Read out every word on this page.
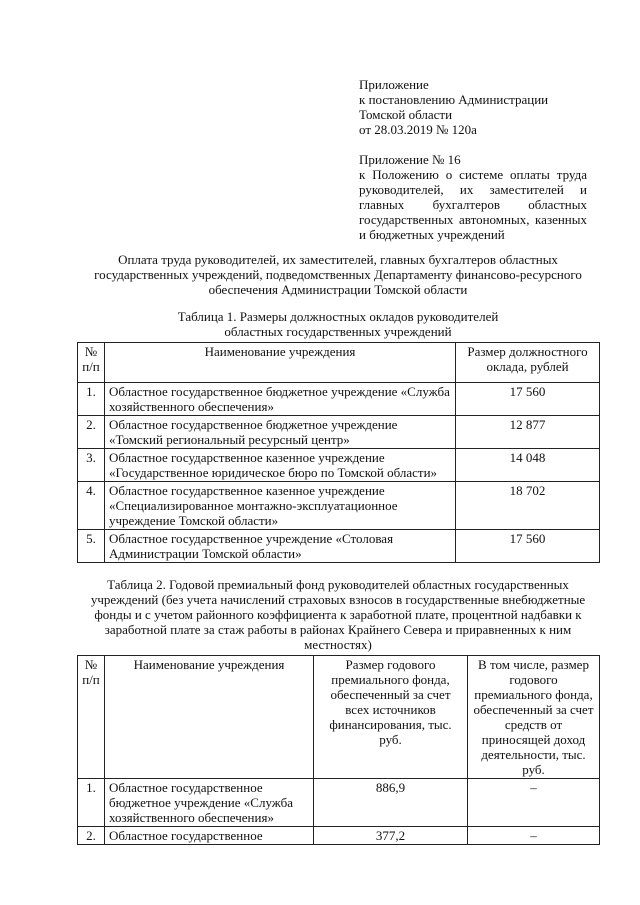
Приложение
к постановлению Администрации
Томской области
от 28.03.2019 № 120а
Приложение № 16
к Положению о системе оплаты труда руководителей, их заместителей и главных бухгалтеров областных государственных автономных, казенных и бюджетных учреждений
Оплата труда руководителей, их заместителей, главных бухгалтеров областных государственных учреждений, подведомственных Департаменту финансово-ресурсного обеспечения Администрации Томской области
Таблица 1. Размеры должностных окладов руководителей областных государственных учреждений
№ п/п	Наименование учреждения	Размер должностного оклада, рублей
1.	Областное государственное бюджетное учреждение «Служба хозяйственного обеспечения»	17 560
2.	Областное государственное бюджетное учреждение «Томский региональный ресурсный центр»	12 877
3.	Областное государственное казенное учреждение «Государственное юридическое бюро по Томской области»	14 048
4.	Областное государственное казенное учреждение «Специализированное монтажно-эксплуатационное учреждение Томской области»	18 702
5.	Областное государственное учреждение «Столовая Администрации Томской области»	17 560
Таблица 2. Годовой премиальный фонд руководителей областных государственных учреждений (без учета начислений страховых взносов в государственные внебюджетные фонды и с учетом районного коэффициента к заработной плате, процентной надбавки к заработной плате за стаж работы в районах Крайнего Севера и приравненных к ним местностях)
№ п/п	Наименование учреждения	Размер годового премиального фонда, обеспеченный за счет всех источников финансирования, тыс. руб.	В том числе, размер годового премиального фонда, обеспеченный за счет средств от приносящей доход деятельности, тыс. руб.
1.	Областное государственное бюджетное учреждение «Служба хозяйственного обеспечения»	886,9	–
2.	Областное государственное	377,2	–
